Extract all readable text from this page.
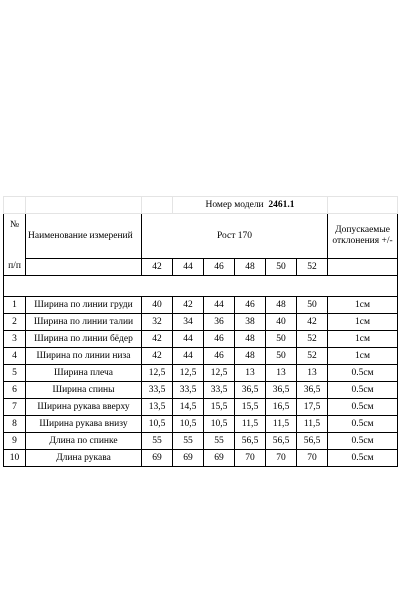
			Номер модели 2461.1					

№
п/п	Наименование измерений	Рост 170						Допускаемые отклонения +/-
		42	44	46	48	50	52	

1	Ширина по линии груди	40	42	44	46	48	50	1см
2	Ширина по линии талии	32	34	36	38	40	42	1см
3	Ширина по линии бёдер	42	44	46	48	50	52	1см
4	Ширина по линии низа	42	44	46	48	50	52	1см
5	Ширина плеча	12,5	12,5	12,5	13	13	13	0.5см
6	Ширина спины	33,5	33,5	33,5	36,5	36,5	36,5	0.5см
7	Ширина рукава вверху	13,5	14,5	15,5	15,5	16,5	17,5	0.5см
8	Ширина рукава внизу	10,5	10,5	10,5	11,5	11,5	11,5	0.5см
9	Длина по спинке	55	55	55	56,5	56,5	56,5	0.5см
10	Длина рукава	69	69	69	70	70	70	0.5см
